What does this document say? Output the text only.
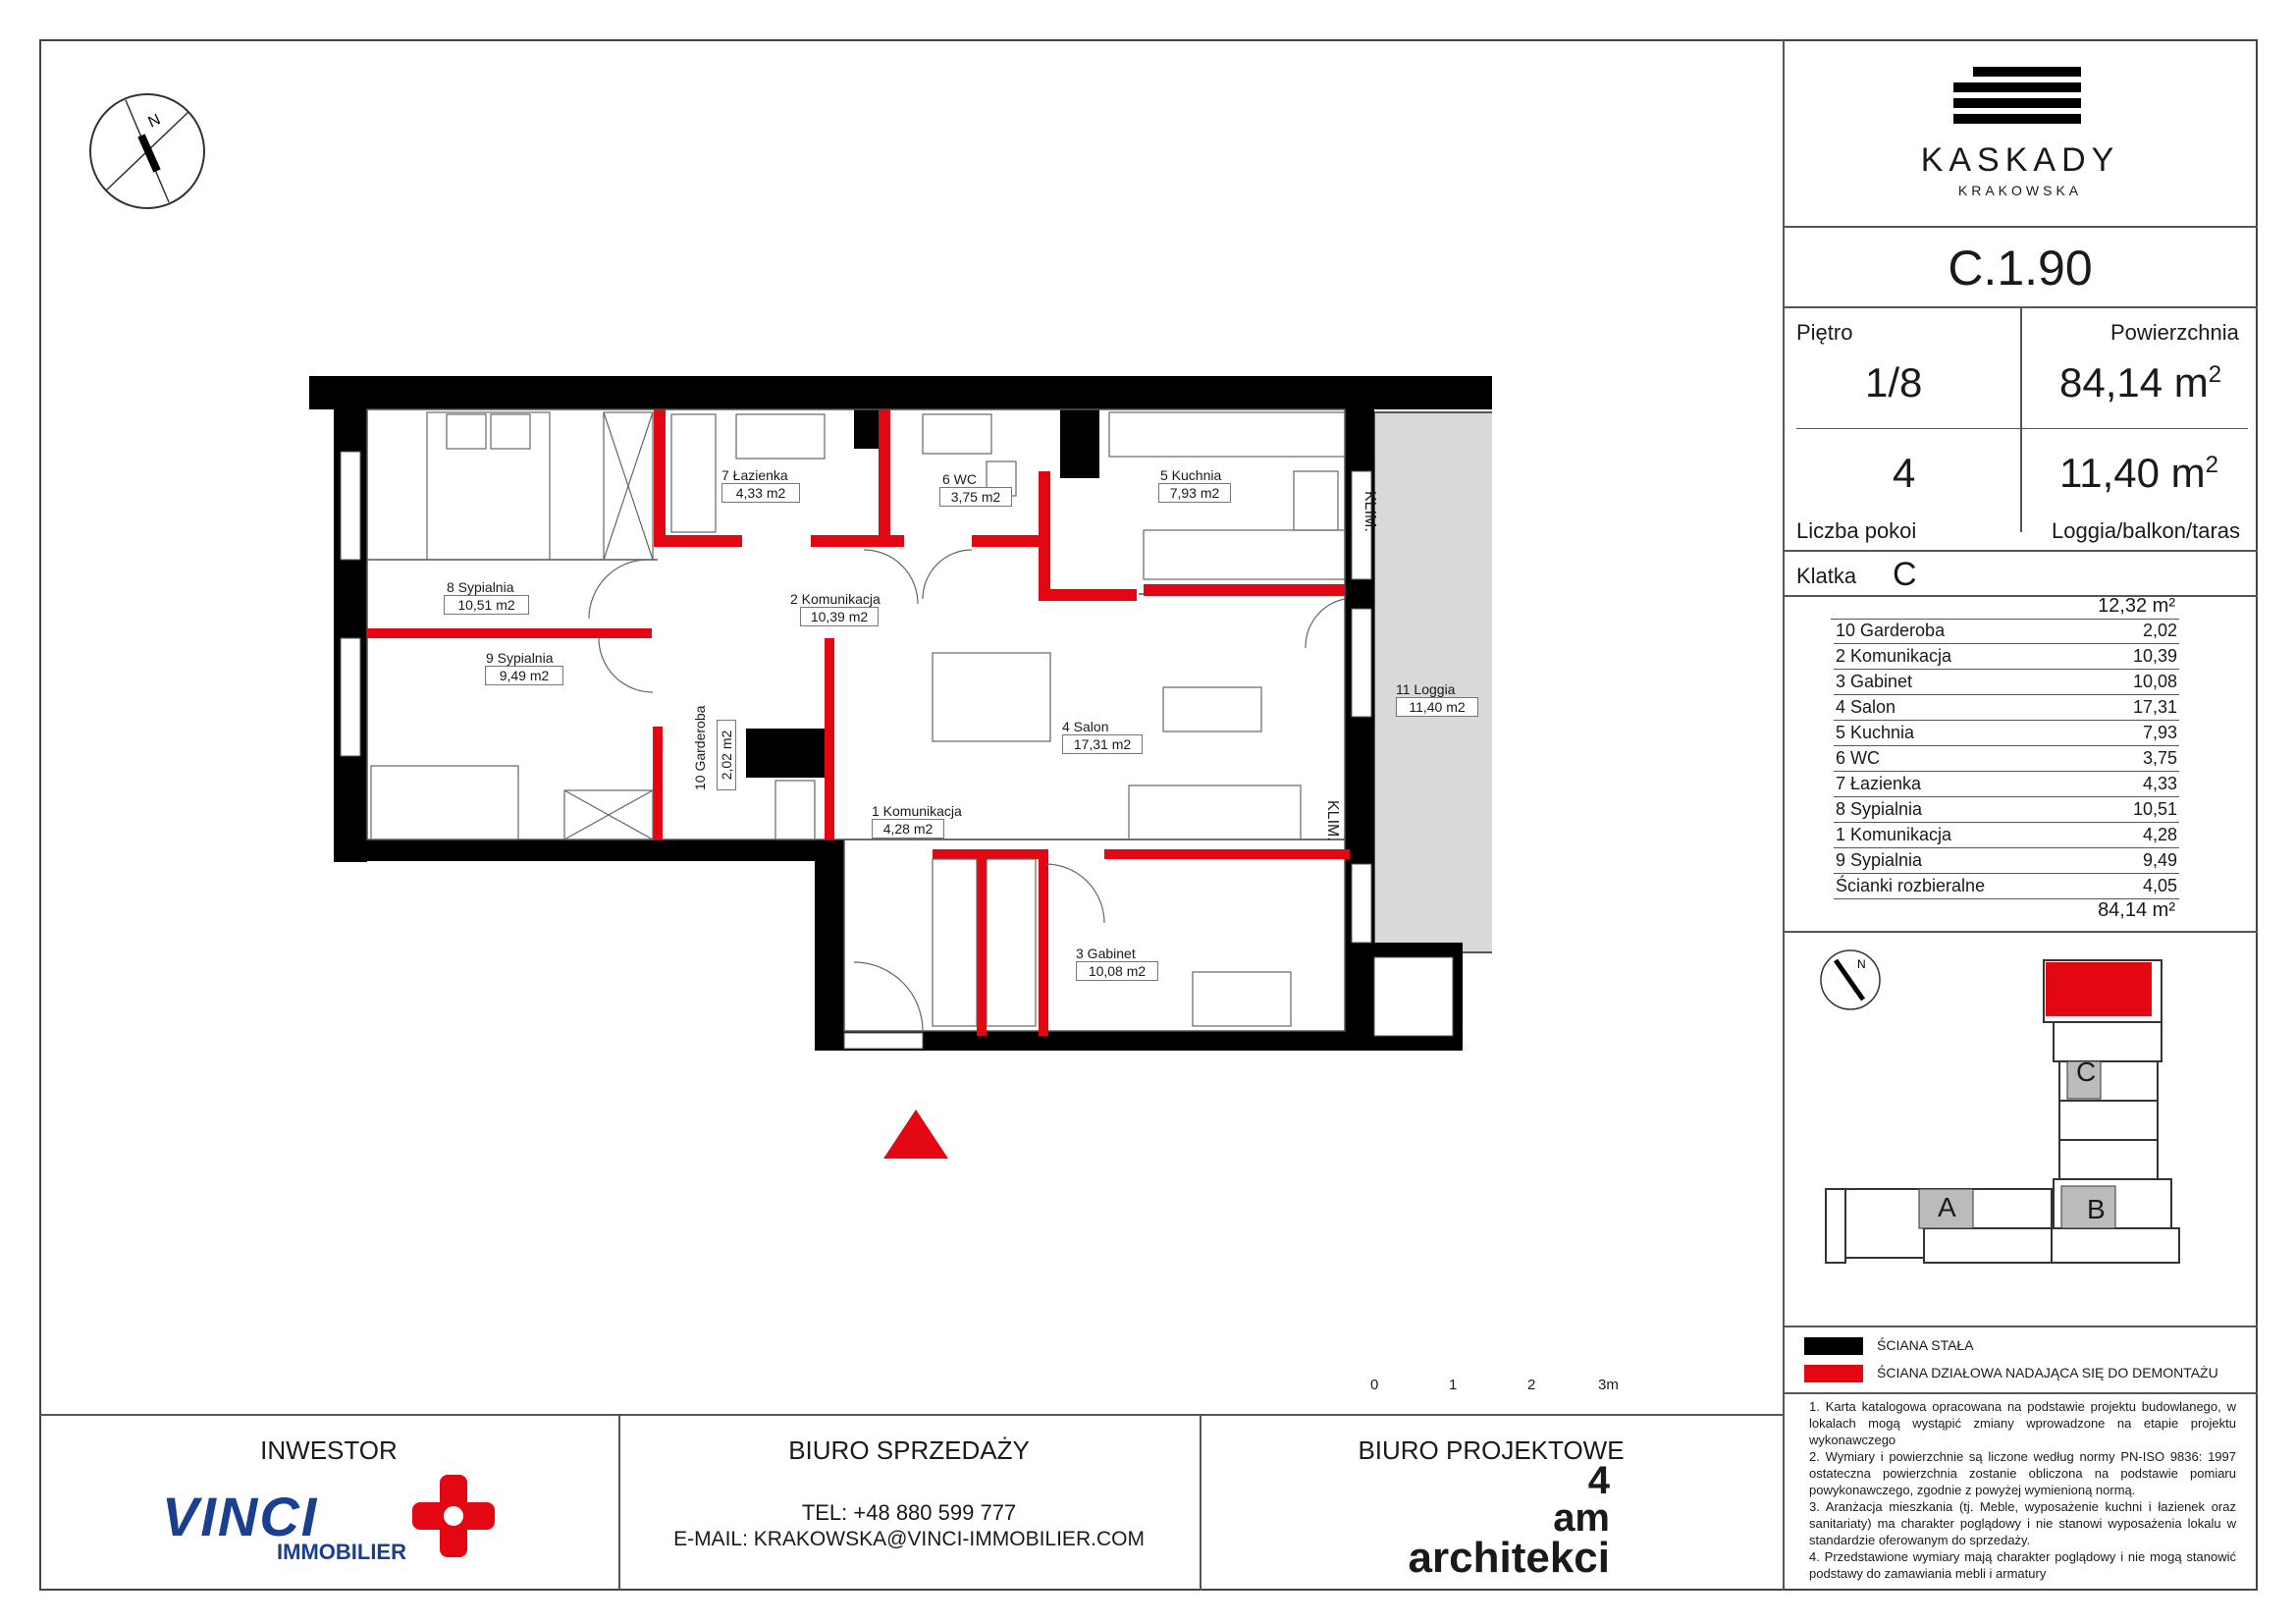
N
8 Sypialnia
10,51 m2
9 Sypialnia
9,49 m2
7 Łazienka
4,33 m2
6 WC
3,75 m2
5 Kuchnia
7,93 m2
2 Komunikacja
10,39 m2
4 Salon
17,31 m2
10 Garderoba 2,02 m2
1 Komunikacja
4,28 m2
3 Gabinet
10,08 m2
11 Loggia
11,40 m2
KLIM.
KLIM.
0	1	2	3m
KASKADY
KRAKOWSKA
C.1.90
Piętro	Powierzchnia
1/8	84,14 $m^2$
4	11,40 $m^2$
Liczba pokoi	Loggia/balkon/taras
Klatka C
12,32 m²
10 Garderoba	2,02
2 Komunikacja	10,39
3 Gabinet	10,08
4 Salon	17,31
5 Kuchnia	7,93
6 WC	3,75
7 Łazienka	4,33
8 Sypialnia	10,51
1 Komunikacja	4,28
9 Sypialnia	9,49
Ścianki rozbieralne	4,05
84,14 m²
N
C
A	B
ŚCIANA STAŁA
ŚCIANA DZIAŁOWA NADAJĄCA SIĘ DO DEMONTAŻU
1. Karta katalogowa opracowana na podstawie projektu budowlanego, w lokalach mogą wystąpić zmiany wprowadzone na etapie projektu wykonawczego
2. Wymiary i powierzchnie są liczone według normy PN-ISO 9836: 1997 ostateczna powierzchnia zostanie obliczona na podstawie pomiaru powykonawczego, zgodnie z powyżej wymienioną normą.
3. Aranżacja mieszkania (tj. Meble, wyposażenie kuchni i łazienek oraz sanitariaty) ma charakter poglądowy i nie stanowi wyposażenia lokalu w standardzie oferowanym do sprzedaży.
4. Przedstawione wymiary mają charakter poglądowy i nie mogą stanowić podstawy do zamawiania mebli i armatury
INWESTOR
VINCI
IMMOBILIER
BIURO SPRZEDAŻY
TEL: +48 880 599 777
E-MAIL: KRAKOWSKA@VINCI-IMMOBILIER.COM
BIURO PROJEKTOWE
4
am
architekci
